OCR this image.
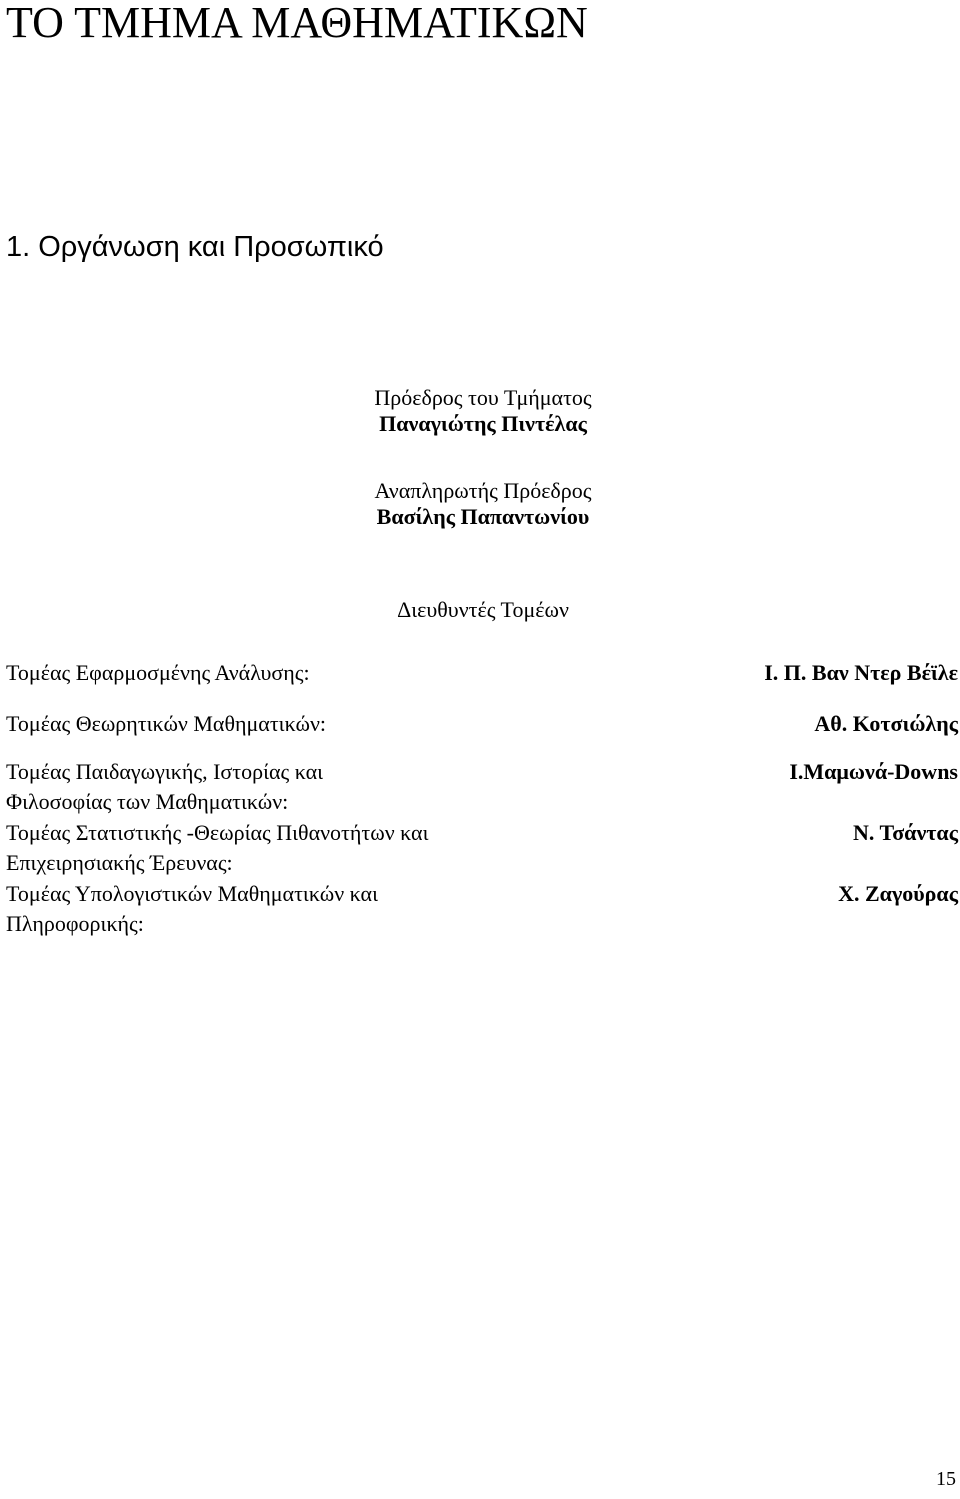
ΤΟ ΤΜΗΜΑ ΜΑΘΗΜΑΤΙΚΩΝ
1. Οργάνωση και Προσωπικό
Πρόεδρος του Τμήματος
Παναγιώτης Πιντέλας
Αναπληρωτής Πρόεδρος
Βασίλης Παπαντωνίου
Διευθυντές Τομέων
Τομέας Εφαρμοσμένης Ανάλυσης:	Ι. Π. Βαν Ντερ Βέϊλε
Τομέας Θεωρητικών Μαθηματικών:	Αθ. Κοτσιώλης
Τομέας Παιδαγωγικής, Ιστορίας και
Φιλοσοφίας των Μαθηματικών:
Ι.Μαμωνά-Downs
Τομέας Στατιστικής -Θεωρίας Πιθανοτήτων και
Επιχειρησιακής Έρευνας:
Ν. Τσάντας
Τομέας Υπολογιστικών Μαθηματικών και
Πληροφορικής:
Χ. Ζαγούρας
15
